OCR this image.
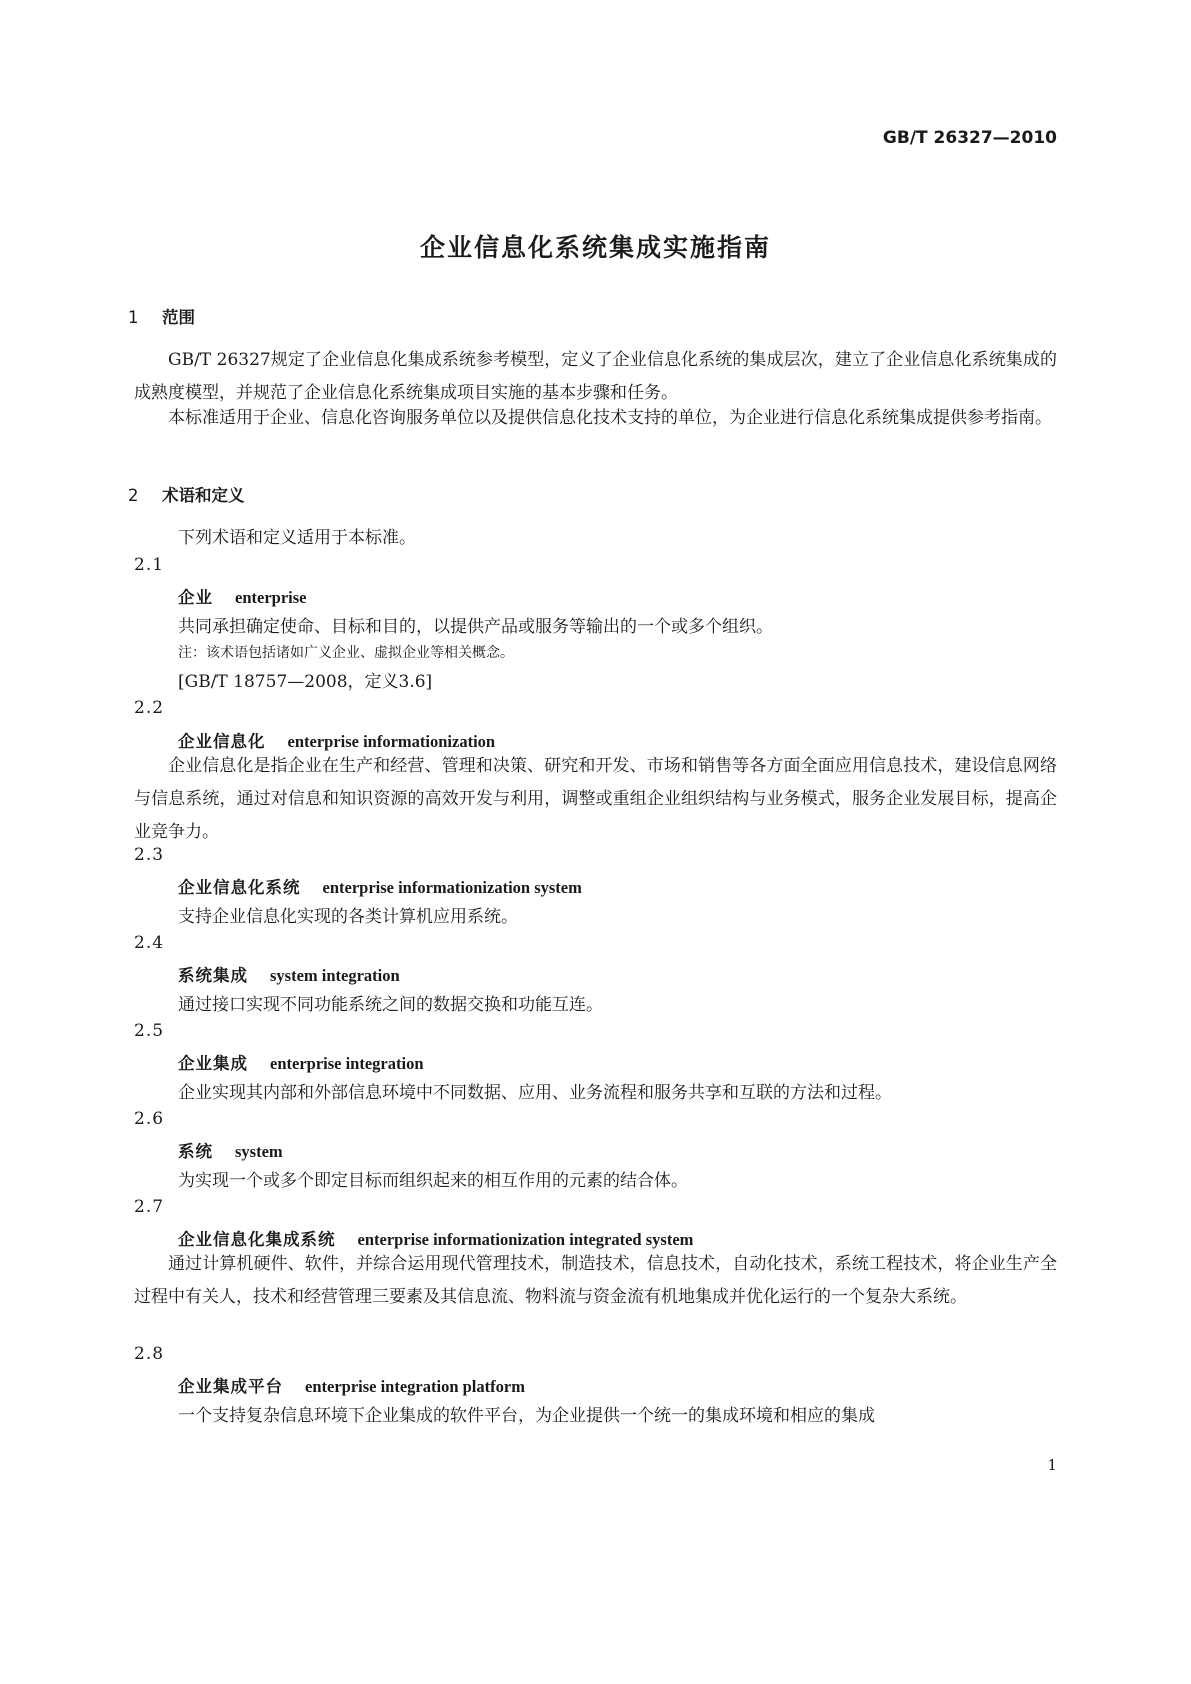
GB/T 26327—2010
企业信息化系统集成实施指南
1 范围
GB/T 26327规定了企业信息化集成系统参考模型，定义了企业信息化系统的集成层次，建立了企业信息化系统集成的成熟度模型，并规范了企业信息化系统集成项目实施的基本步骤和任务。
本标准适用于企业、信息化咨询服务单位以及提供信息化技术支持的单位，为企业进行信息化系统集成提供参考指南。
2 术语和定义
下列术语和定义适用于本标准。
2.1
企业 enterprise
共同承担确定使命、目标和目的，以提供产品或服务等输出的一个或多个组织。
注：该术语包括诸如广义企业、虚拟企业等相关概念。
[GB/T 18757—2008，定义3.6]
2.2
企业信息化 enterprise informationization
企业信息化是指企业在生产和经营、管理和决策、研究和开发、市场和销售等各方面全面应用信息技术，建设信息网络与信息系统，通过对信息和知识资源的高效开发与利用，调整或重组企业组织结构与业务模式，服务企业发展目标，提高企业竞争力。
2.3
企业信息化系统 enterprise informationization system
支持企业信息化实现的各类计算机应用系统。
2.4
系统集成 system integration
通过接口实现不同功能系统之间的数据交换和功能互连。
2.5
企业集成 enterprise integration
企业实现其内部和外部信息环境中不同数据、应用、业务流程和服务共享和互联的方法和过程。
2.6
系统 system
为实现一个或多个即定目标而组织起来的相互作用的元素的结合体。
2.7
企业信息化集成系统 enterprise informationization integrated system
通过计算机硬件、软件，并综合运用现代管理技术，制造技术，信息技术，自动化技术，系统工程技术，将企业生产全过程中有关人，技术和经营管理三要素及其信息流、物料流与资金流有机地集成并优化运行的一个复杂大系统。
2.8
企业集成平台 enterprise integration platform
一个支持复杂信息环境下企业集成的软件平台，为企业提供一个统一的集成环境和相应的集成
1
